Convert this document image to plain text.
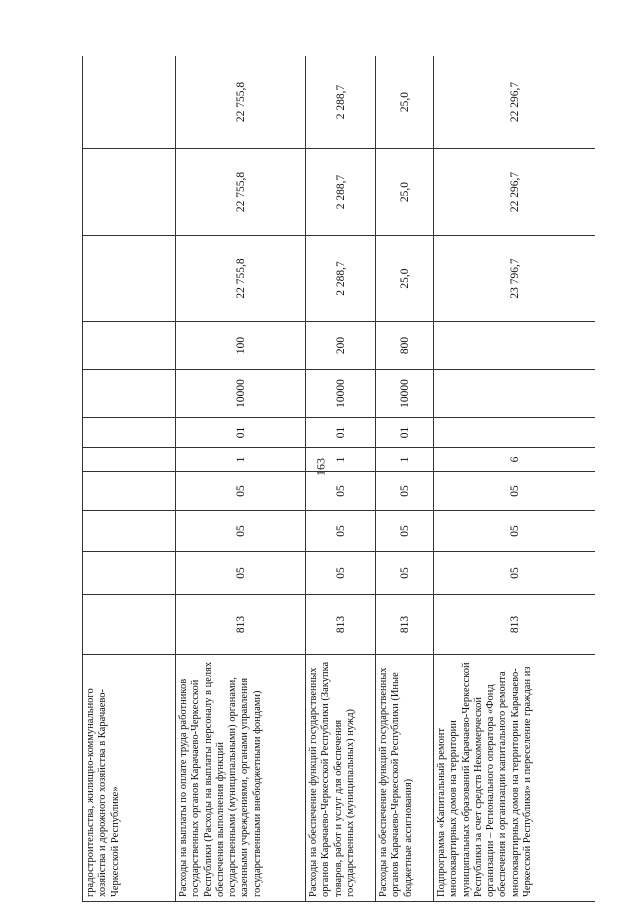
163
градостроительства, жилищно-коммунального хозяйства и дорожного хозяйства в Карачаево-Черкесской Республике»											
Расходы на выплаты по оплате труда работников государственных органов Карачаево-Черкесской Республики (Расходы на выплаты персоналу в целях обеспечения выполнения функций государственными (муниципальными) органами, казенными учреждениями, органами управления государственными внебюджетными фондами)	813	05	05	05	1	01	10000	100	22 755,8	22 755,8	22 755,8
Расходы на обеспечение функций государственных органов Карачаево-Черкесской Республики (Закупка товаров, работ и услуг для обеспечения государственных (муниципальных) нужд)	813	05	05	05	1	01	10000	200	2 288,7	2 288,7	2 288,7
Расходы на обеспечение функций государственных органов Карачаево-Черкесской Республики (Иные бюджетные ассигнования)	813	05	05	05	1	01	10000	800	25,0	25,0	25,0
Подпрограмма «Капитальный ремонт многоквартирных домов на территории муниципальных образований Карачаево-Черкесской Республики за счет средств Некоммерческой организации – Регионального оператора «Фонд обеспечения и организации капитального ремонта многоквартирных домов на территории Карачаево-Черкесской Республики» и переселение граждан из	813	05	05	05	6				23 796,7	22 296,7	22 296,7
